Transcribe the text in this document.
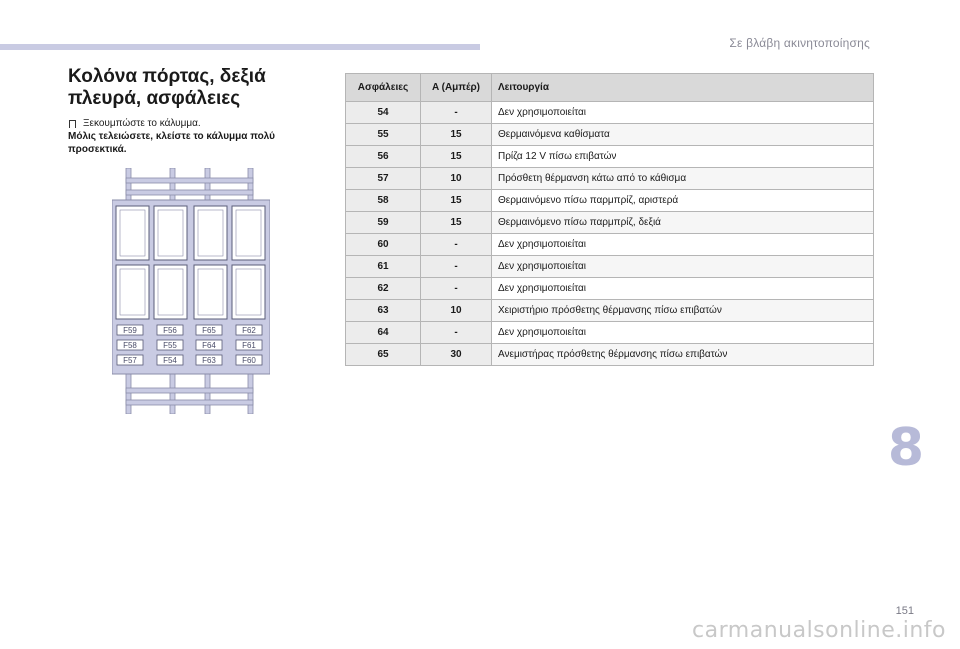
Σε βλάβη ακινητοποίησης
Κολόνα πόρτας, δεξιά πλευρά, ασφάλειες
Ξεκουμπώστε το κάλυμμα.
Μόλις τελειώσετε, κλείστε το κάλυμμα πολύ προσεκτικά.
F59	F56	F65	F62
F58	F55	F64	F61
F57	F54	F63	F60
Ασφάλειες	A (Αμπέρ)	Λειτουργία
54	-	Δεν χρησιμοποιείται
55	15	Θερμαινόμενα καθίσματα
56	15	Πρίζα 12 V πίσω επιβατών
57	10	Πρόσθετη θέρμανση κάτω από το κάθισμα
58	15	Θερμαινόμενο πίσω παρμπρίζ, αριστερά
59	15	Θερμαινόμενο πίσω παρμπρίζ, δεξιά
60	-	Δεν χρησιμοποιείται
61	-	Δεν χρησιμοποιείται
62	-	Δεν χρησιμοποιείται
63	10	Χειριστήριο πρόσθετης θέρμανσης πίσω επιβατών
64	-	Δεν χρησιμοποιείται
65	30	Ανεμιστήρας πρόσθετης θέρμανσης πίσω επιβατών
8
151
carmanualsonline.info
